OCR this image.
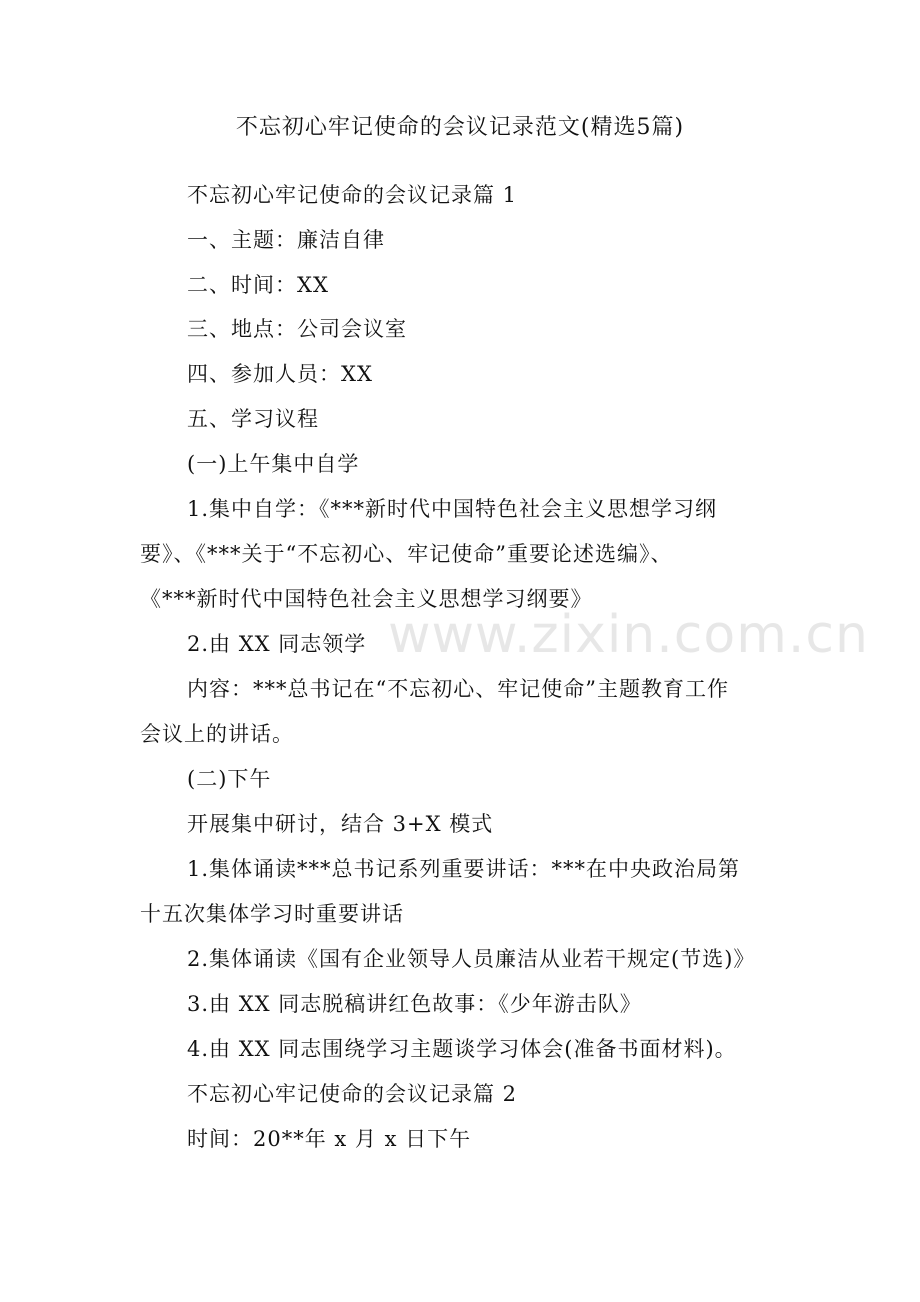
不忘初心牢记使命的会议记录范文(精选5篇)
不忘初心牢记使命的会议记录篇 1
一、主题：廉洁自律
二、时间：XX
三、地点：公司会议室
四、参加人员：XX
五、学习议程
(一)上午集中自学
1.集中自学：《***新时代中国特色社会主义思想学习纲
要》、《***关于“不忘初心、牢记使命”重要论述选编》、
《***新时代中国特色社会主义思想学习纲要》
2.由 XX 同志领学
内容：***总书记在“不忘初心、牢记使命”主题教育工作
会议上的讲话。
(二)下午
开展集中研讨，结合 3+X 模式
1.集体诵读***总书记系列重要讲话：***在中央政治局第
十五次集体学习时重要讲话
2.集体诵读《国有企业领导人员廉洁从业若干规定(节选)》
3.由 XX 同志脱稿讲红色故事：《少年游击队》
4.由 XX 同志围绕学习主题谈学习体会(准备书面材料)。
不忘初心牢记使命的会议记录篇 2
时间：20**年 x 月 x 日下午
www.zixin.com.cn
